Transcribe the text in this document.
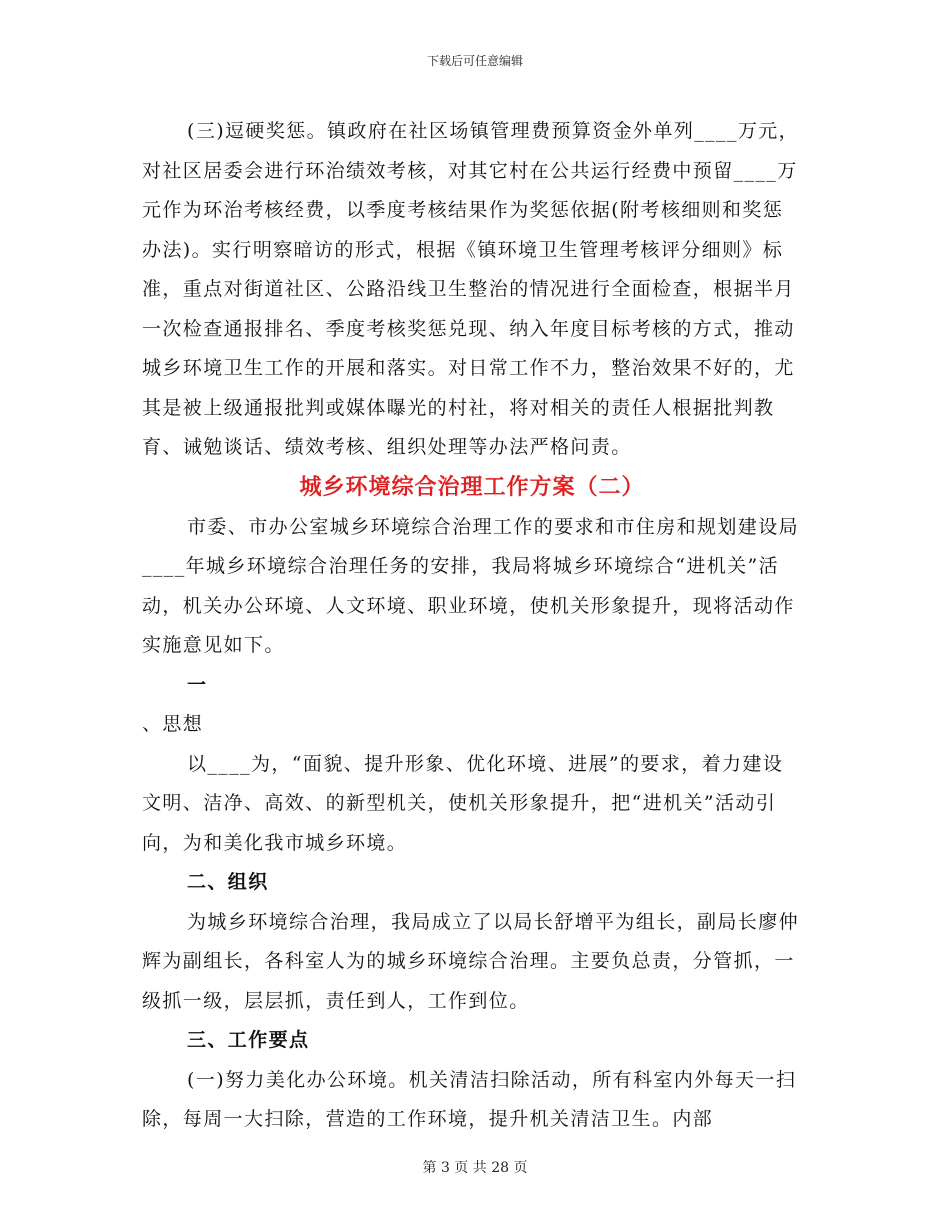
下载后可任意编辑

(三)逗硬奖惩。镇政府在社区场镇管理费预算资金外单列____万元，对社区居委会进行环治绩效考核，对其它村在公共运行经费中预留____万元作为环治考核经费，以季度考核结果作为奖惩依据(附考核细则和奖惩办法)。实行明察暗访的形式，根据《镇环境卫生管理考核评分细则》标准，重点对街道社区、公路沿线卫生整治的情况进行全面检查，根据半月一次检查通报排名、季度考核奖惩兑现、纳入年度目标考核的方式，推动城乡环境卫生工作的开展和落实。对日常工作不力，整治效果不好的，尤其是被上级通报批判或媒体曝光的村社，将对相关的责任人根据批判教育、诫勉谈话、绩效考核、组织处理等办法严格问责。

城乡环境综合治理工作方案（二）

市委、市办公室城乡环境综合治理工作的要求和市住房和规划建设局____年城乡环境综合治理任务的安排，我局将城乡环境综合“进机关”活动，机关办公环境、人文环境、职业环境，使机关形象提升，现将活动作实施意见如下。

一

、思想

以____为，“面貌、提升形象、优化环境、进展”的要求，着力建设文明、洁净、高效、的新型机关，使机关形象提升，把“进机关”活动引向，为和美化我市城乡环境。

二、组织

为城乡环境综合治理，我局成立了以局长舒增平为组长，副局长廖仲辉为副组长，各科室人为的城乡环境综合治理。主要负总责，分管抓，一级抓一级，层层抓，责任到人，工作到位。

三、工作要点

(一)努力美化办公环境。机关清洁扫除活动，所有科室内外每天一扫除，每周一大扫除，营造的工作环境，提升机关清洁卫生。内部

第 3 页 共 28 页
